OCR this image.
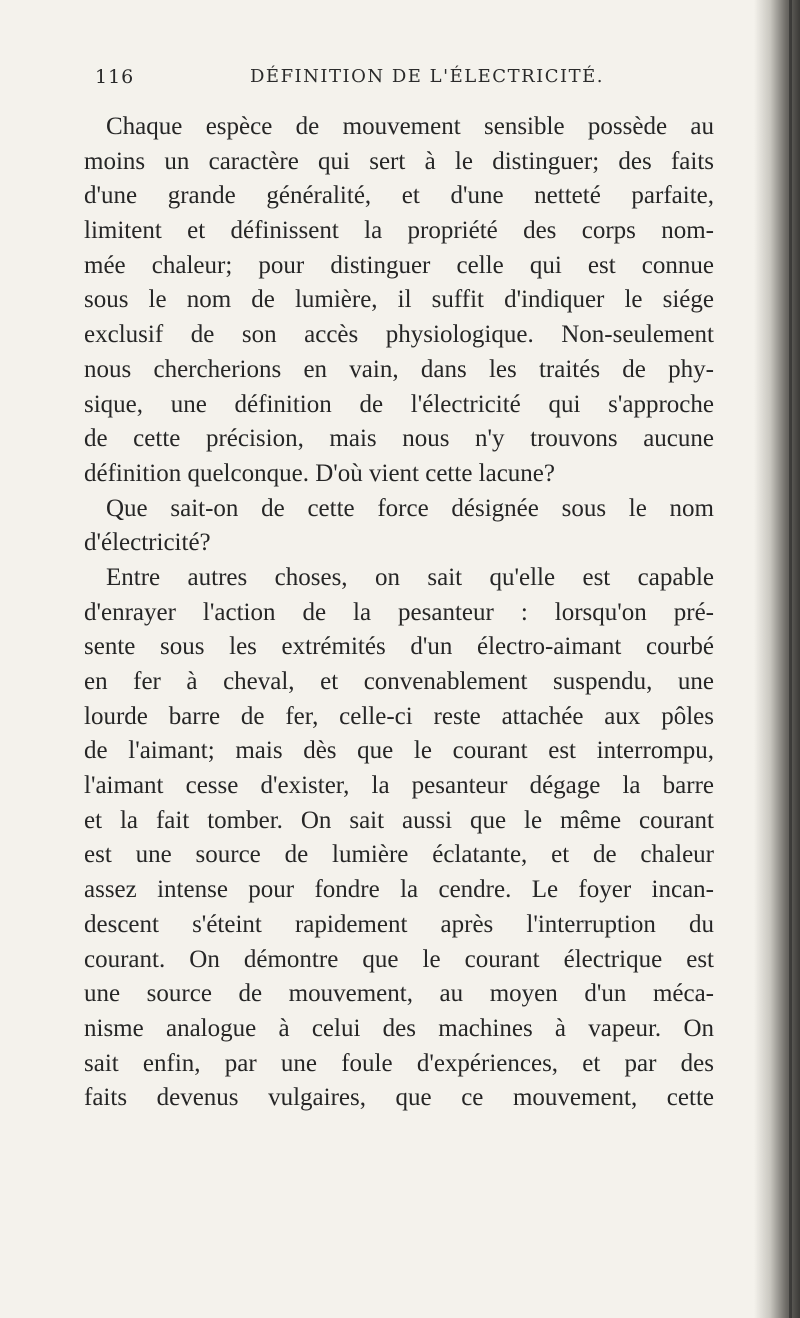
116	DÉFINITION DE L'ÉLECTRICITÉ.
Chaque espèce de mouvement sensible possède au
moins un caractère qui sert à le distinguer; des faits
d'une grande généralité, et d'une netteté parfaite,
limitent et définissent la propriété des corps nom-
mée chaleur; pour distinguer celle qui est connue
sous le nom de lumière, il suffit d'indiquer le siége
exclusif de son accès physiologique. Non-seulement
nous chercherions en vain, dans les traités de phy-
sique, une définition de l'électricité qui s'approche
de cette précision, mais nous n'y trouvons aucune
définition quelconque. D'où vient cette lacune?
Que sait-on de cette force désignée sous le nom
d'électricité?
Entre autres choses, on sait qu'elle est capable
d'enrayer l'action de la pesanteur : lorsqu'on pré-
sente sous les extrémités d'un électro-aimant courbé
en fer à cheval, et convenablement suspendu, une
lourde barre de fer, celle-ci reste attachée aux pôles
de l'aimant; mais dès que le courant est interrompu,
l'aimant cesse d'exister, la pesanteur dégage la barre
et la fait tomber. On sait aussi que le même courant
est une source de lumière éclatante, et de chaleur
assez intense pour fondre la cendre. Le foyer incan-
descent s'éteint rapidement après l'interruption du
courant. On démontre que le courant électrique est
une source de mouvement, au moyen d'un méca-
nisme analogue à celui des machines à vapeur. On
sait enfin, par une foule d'expériences, et par des
faits devenus vulgaires, que ce mouvement, cette
